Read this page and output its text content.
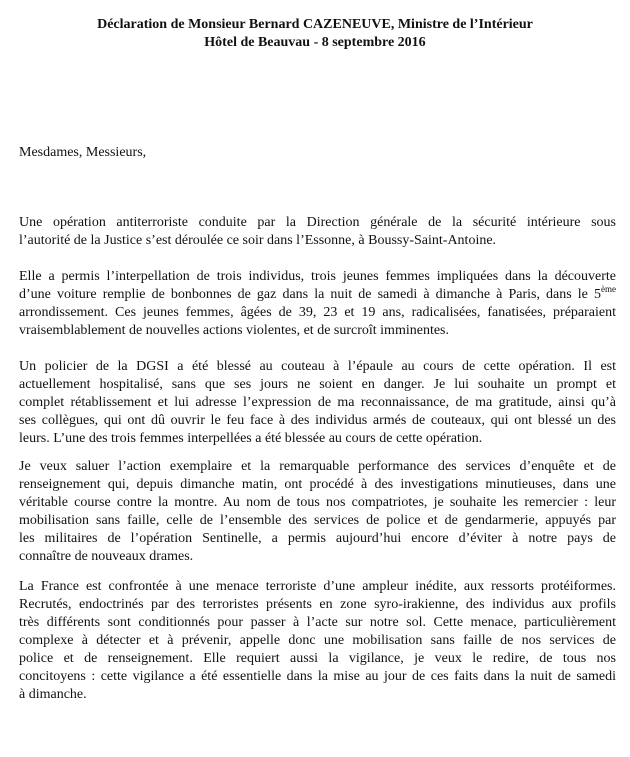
Déclaration de Monsieur Bernard CAZENEUVE, Ministre de l’Intérieur
Hôtel de Beauvau - 8 septembre 2016
Mesdames, Messieurs,
Une opération antiterroriste conduite par la Direction générale de la sécurité intérieure sous
l’autorité de la Justice s’est déroulée ce soir dans l’Essonne, à Boussy-Saint-Antoine.
Elle a permis l’interpellation de trois individus, trois jeunes femmes impliquées dans la découverte
d’une voiture remplie de bonbonnes de gaz dans la nuit de samedi à dimanche à Paris, dans le 5ème
arrondissement. Ces jeunes femmes, âgées de 39, 23 et 19 ans, radicalisées, fanatisées, préparaient
vraisemblablement de nouvelles actions violentes, et de surcroît imminentes.
Un policier de la DGSI a été blessé au couteau à l’épaule au cours de cette opération. Il est
actuellement hospitalisé, sans que ses jours ne soient en danger. Je lui souhaite un prompt et
complet rétablissement et lui adresse l’expression de ma reconnaissance, de ma gratitude, ainsi qu’à
ses collègues, qui ont dû ouvrir le feu face à des individus armés de couteaux, qui ont blessé un des
leurs. L’une des trois femmes interpellées a été blessée au cours de cette opération.
Je veux saluer l’action exemplaire et la remarquable performance des services d’enquête et de
renseignement qui, depuis dimanche matin, ont procédé à des investigations minutieuses, dans une
véritable course contre la montre. Au nom de tous nos compatriotes, je souhaite les remercier : leur
mobilisation sans faille, celle de l’ensemble des services de police et de gendarmerie, appuyés par
les militaires de l’opération Sentinelle, a permis aujourd’hui encore d’éviter à notre pays de
connaître de nouveaux drames.
La France est confrontée à une menace terroriste d’une ampleur inédite, aux ressorts protéiformes.
Recrutés, endoctrinés par des terroristes présents en zone syro-irakienne, des individus aux profils
très différents sont conditionnés pour passer à l’acte sur notre sol. Cette menace, particulièrement
complexe à détecter et à prévenir, appelle donc une mobilisation sans faille de nos services de
police et de renseignement. Elle requiert aussi la vigilance, je veux le redire, de tous nos
concitoyens : cette vigilance a été essentielle dans la mise au jour de ces faits dans la nuit de samedi
à dimanche.
